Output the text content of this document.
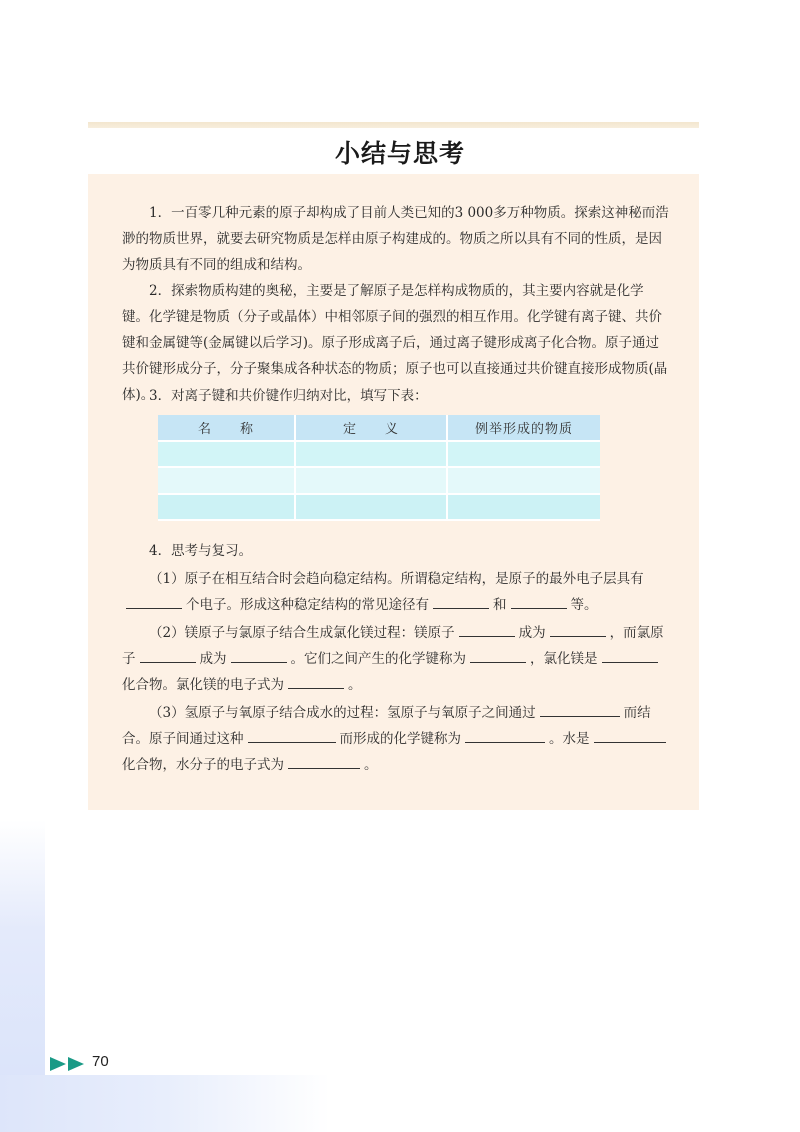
小结与思考

1．一百零几种元素的原子却构成了目前人类已知的3 000多万种物质。探索这神秘而浩渺的物质世界，就要去研究物质是怎样由原子构建成的。物质之所以具有不同的性质，是因为物质具有不同的组成和结构。

2．探索物质构建的奥秘，主要是了解原子是怎样构成物质的，其主要内容就是化学键。化学键是物质（分子或晶体）中相邻原子间的强烈的相互作用。化学键有离子键、共价键和金属键等(金属键以后学习)。原子形成离子后，通过离子键形成离子化合物。原子通过共价键形成分子，分子聚集成各种状态的物质；原子也可以直接通过共价键直接形成物质(晶体)。

3．对离子键和共价键作归纳对比，填写下表：

名　　称	定　　义	例举形成的物质

4．思考与复习。

（1）原子在相互结合时会趋向稳定结构。所谓稳定结构，是原子的最外电子层具有个电子。形成这种稳定结构的常见途径有	和	等。

（2）镁原子与氯原子结合生成氯化镁过程：镁原子	成为	，而氯原子	成为	。它们之间产生的化学键称为	，氯化镁是化合物。氯化镁的电子式为	。

（3）氢原子与氧原子结合成水的过程：氢原子与氧原子之间通过	而结合。原子间通过这种	而形成的化学键称为	。水是化合物，水分子的电子式为	。

70
